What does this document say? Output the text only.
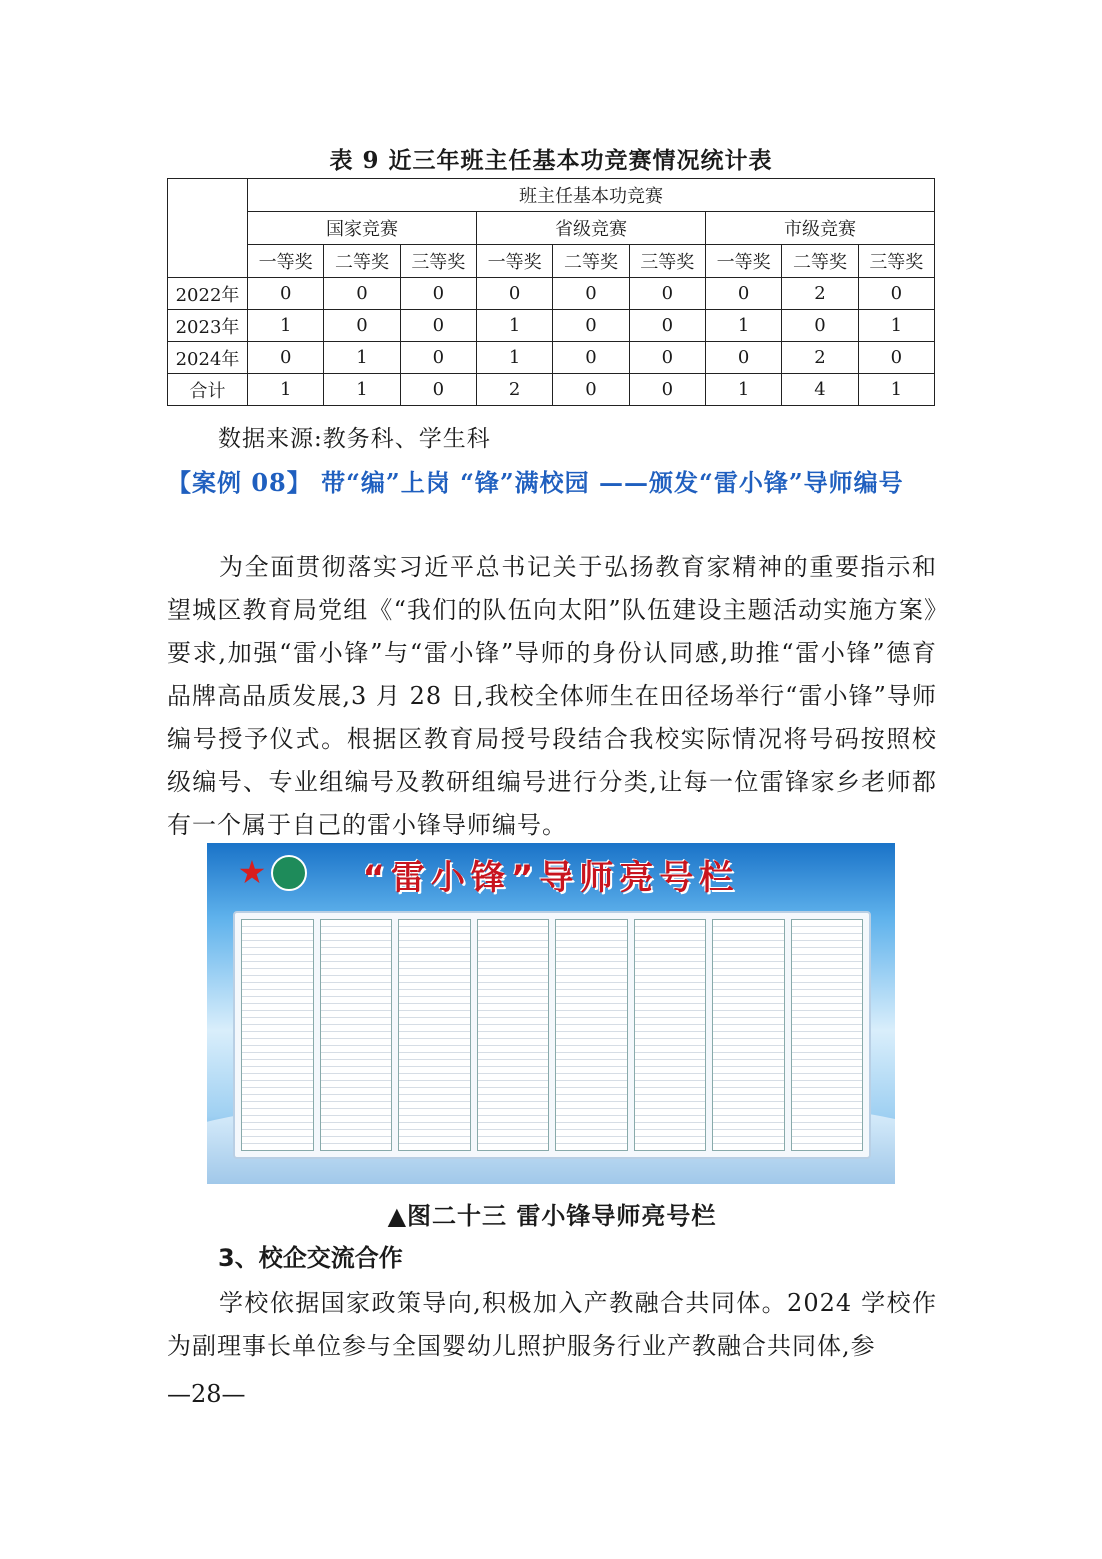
表 9 近三年班主任基本功竞赛情况统计表
	班主任基本功竞赛								
	国家竞赛			省级竞赛			市级竞赛		
	一等奖	二等奖	三等奖	一等奖	二等奖	三等奖	一等奖	二等奖	三等奖
2022年	0	0	0	0	0	0	0	2	0
2023年	1	0	0	1	0	0	1	0	1
2024年	0	1	0	1	0	0	0	2	0
合计	1	1	0	2	0	0	1	4	1
数据来源:教务科、学生科
【案例 08】 带“编”上岗 “锋”满校园 ——颁发“雷小锋”导师编号
为全面贯彻落实习近平总书记关于弘扬教育家精神的重要指示和望城区教育局党组《“我们的队伍向太阳”队伍建设主题活动实施方案》要求,加强“雷小锋”与“雷小锋”导师的身份认同感,助推“雷小锋”德育品牌高品质发展,3 月 28 日,我校全体师生在田径场举行“雷小锋”导师编号授予仪式。根据区教育局授号段结合我校实际情况将号码按照校级编号、专业组编号及教研组编号进行分类,让每一位雷锋家乡老师都有一个属于自己的雷小锋导师编号。
★	“雷小锋”导师亮号栏
▲图二十三 雷小锋导师亮号栏
3、校企交流合作
学校依据国家政策导向,积极加入产教融合共同体。2024 学校作为副理事长单位参与全国婴幼儿照护服务行业产教融合共同体,参
—28—
